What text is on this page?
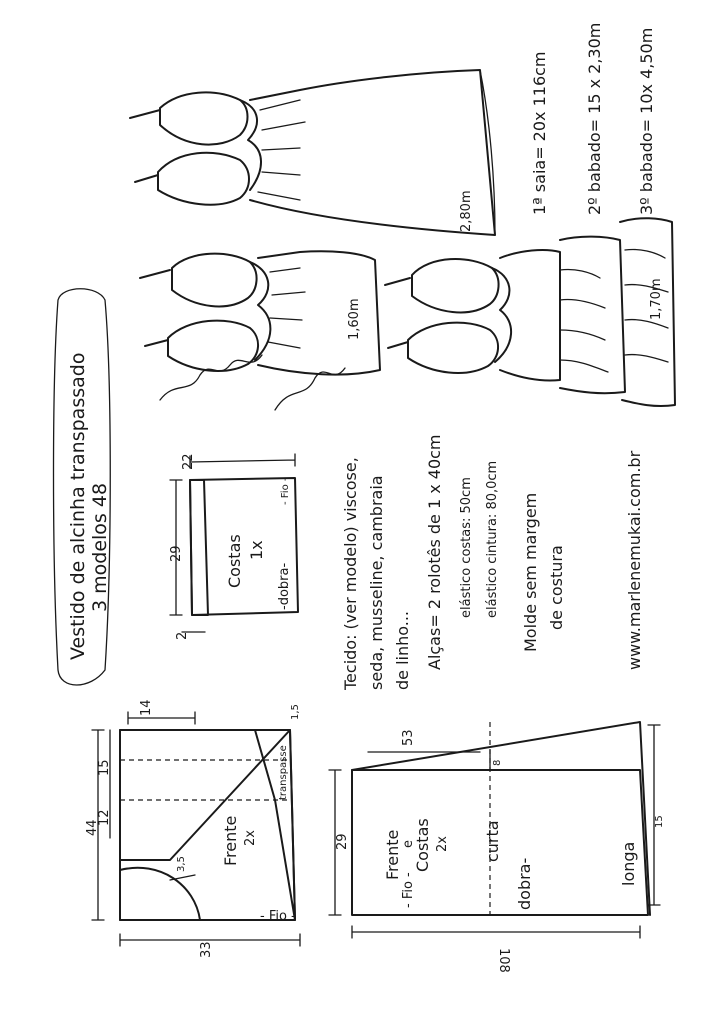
Vestido de alcinha transpassado 3 modelos 48
2,80m
1,60m	1,70m
1ª saia= 20x 116cm 2º babado= 15 x 2,30m 3º babado= 10x 4,50m
Costas 1x
22
29
- Fio -
-dobra-
2
Frente 2x
44
14
15
12
3,5
1,5
transpasse
- Fio -
33
Frente e
Costas 2x
29
53
8
curta
longa
15
- Fio -	dobra-
108
Tecido: (ver modelo) viscose, seda, musseline, cambraia de linho... Alças= 2 rolotês de 1 x 40cm elástico costas: 50cm elástico cintura: 80,0cm Molde sem margem de costura	www.marlenemukai.com.br
